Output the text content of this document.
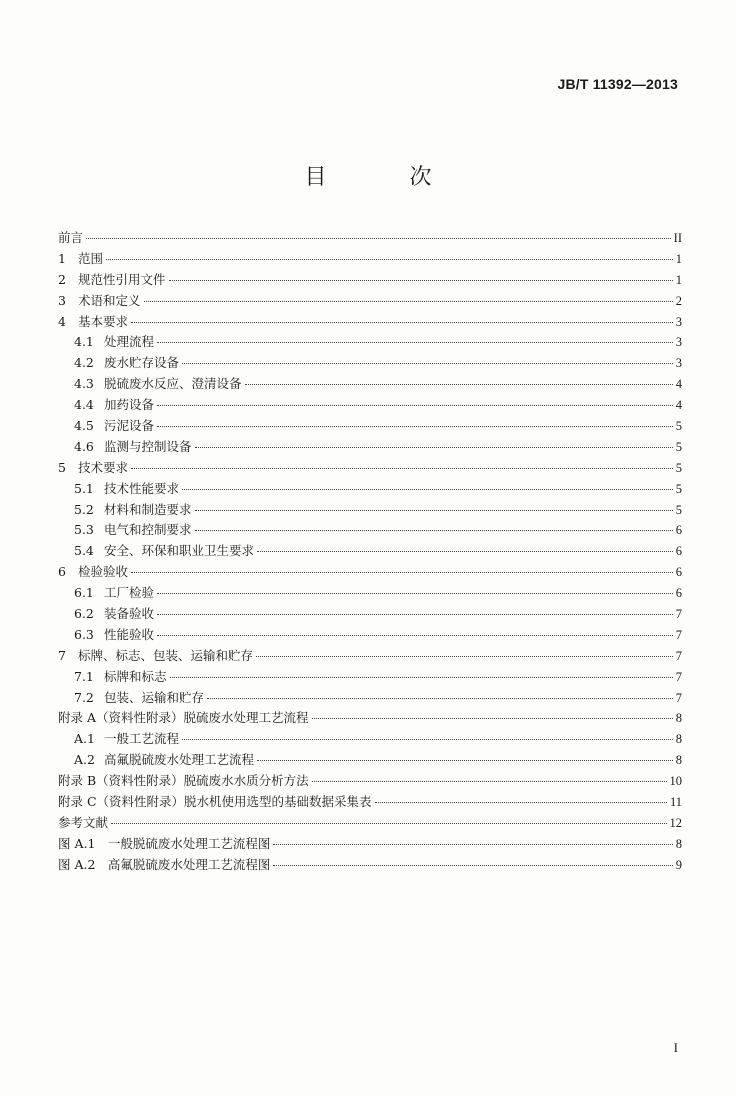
JB/T 11392—2013
目 次
前言	II
1 范围	1
2 规范性引用文件	1
3 术语和定义	2
4 基本要求	3
4.1 处理流程	3
4.2 废水贮存设备	3
4.3 脱硫废水反应、澄清设备	4
4.4 加药设备	4
4.5 污泥设备	5
4.6 监测与控制设备	5
5 技术要求	5
5.1 技术性能要求	5
5.2 材料和制造要求	5
5.3 电气和控制要求	6
5.4 安全、环保和职业卫生要求	6
6 检验验收	6
6.1 工厂检验	6
6.2 装备验收	7
6.3 性能验收	7
7 标牌、标志、包装、运输和贮存	7
7.1 标牌和标志	7
7.2 包装、运输和贮存	7
附录 A（资料性附录）脱硫废水处理工艺流程	8
A.1 一般工艺流程	8
A.2 高氟脱硫废水处理工艺流程	8
附录 B（资料性附录）脱硫废水水质分析方法	10
附录 C（资料性附录）脱水机使用选型的基础数据采集表	11
参考文献	12
图 A.1　一般脱硫废水处理工艺流程图	8
图 A.2　高氟脱硫废水处理工艺流程图	9
I
